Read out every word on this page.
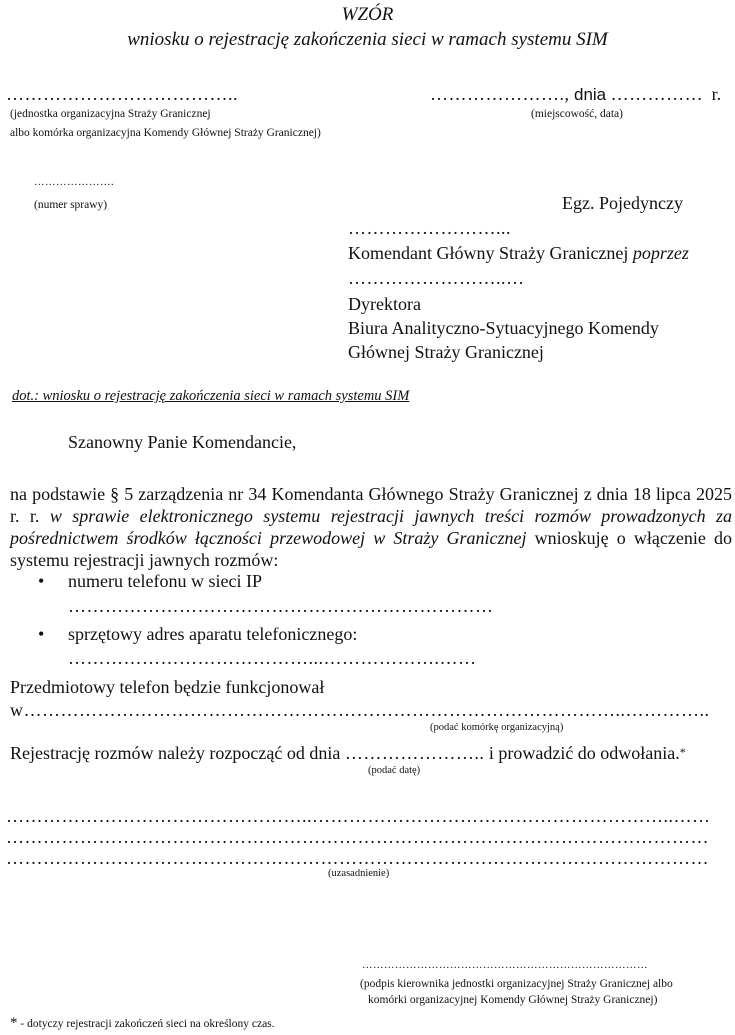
WZÓR
wniosku o rejestrację zakończenia sieci w ramach systemu SIM
………………………………..
(jednostka organizacyjna Straży Granicznej
albo komórka organizacyjna Komendy Głównej Straży Granicznej)
…………………., dnia …………… r.
(miejscowość, data)
………………….
(numer sprawy)	Egz. Pojedynczy
……………………...
Komendant Główny Straży Granicznej poprzez
……………………..…
Dyrektora
Biura Analityczno-Sytuacyjnego Komendy
Głównej Straży Granicznej
dot.: wniosku o rejestrację zakończenia sieci w ramach systemu SIM
Szanowny Panie Komendancie,
na podstawie § 5 zarządzenia nr 34 Komendanta Głównego Straży Granicznej z dnia 18 lipca 2025 r. r. w sprawie elektronicznego systemu rejestracji jawnych treści rozmów prowadzonych za pośrednictwem środków łączności przewodowej w Straży Granicznej wnioskuję o włączenie do systemu rejestracji jawnych rozmów:
• numeru telefonu w sieci IP
……………………………………………………………
• sprzętowy adres aparatu telefonicznego:
…………………………………...……………….……
Przedmiotowy telefon będzie funkcjonował
w……………………………………………………………………………………..…………..
(podać komórkę organizacyjną)
Rejestrację rozmów należy rozpocząć od dnia ………………….. i prowadzić do odwołania.*
(podać datę)
…………………………………………..…………………………………………………..……
……………………………………………………………………………………………………
……………………………………………………………………………………………………
(uzasadnienie)
……………………………………………………………………
(podpis kierownika jednostki organizacyjnej Straży Granicznej albo
komórki organizacyjnej Komendy Głównej Straży Granicznej)
* - dotyczy rejestracji zakończeń sieci na określony czas.
